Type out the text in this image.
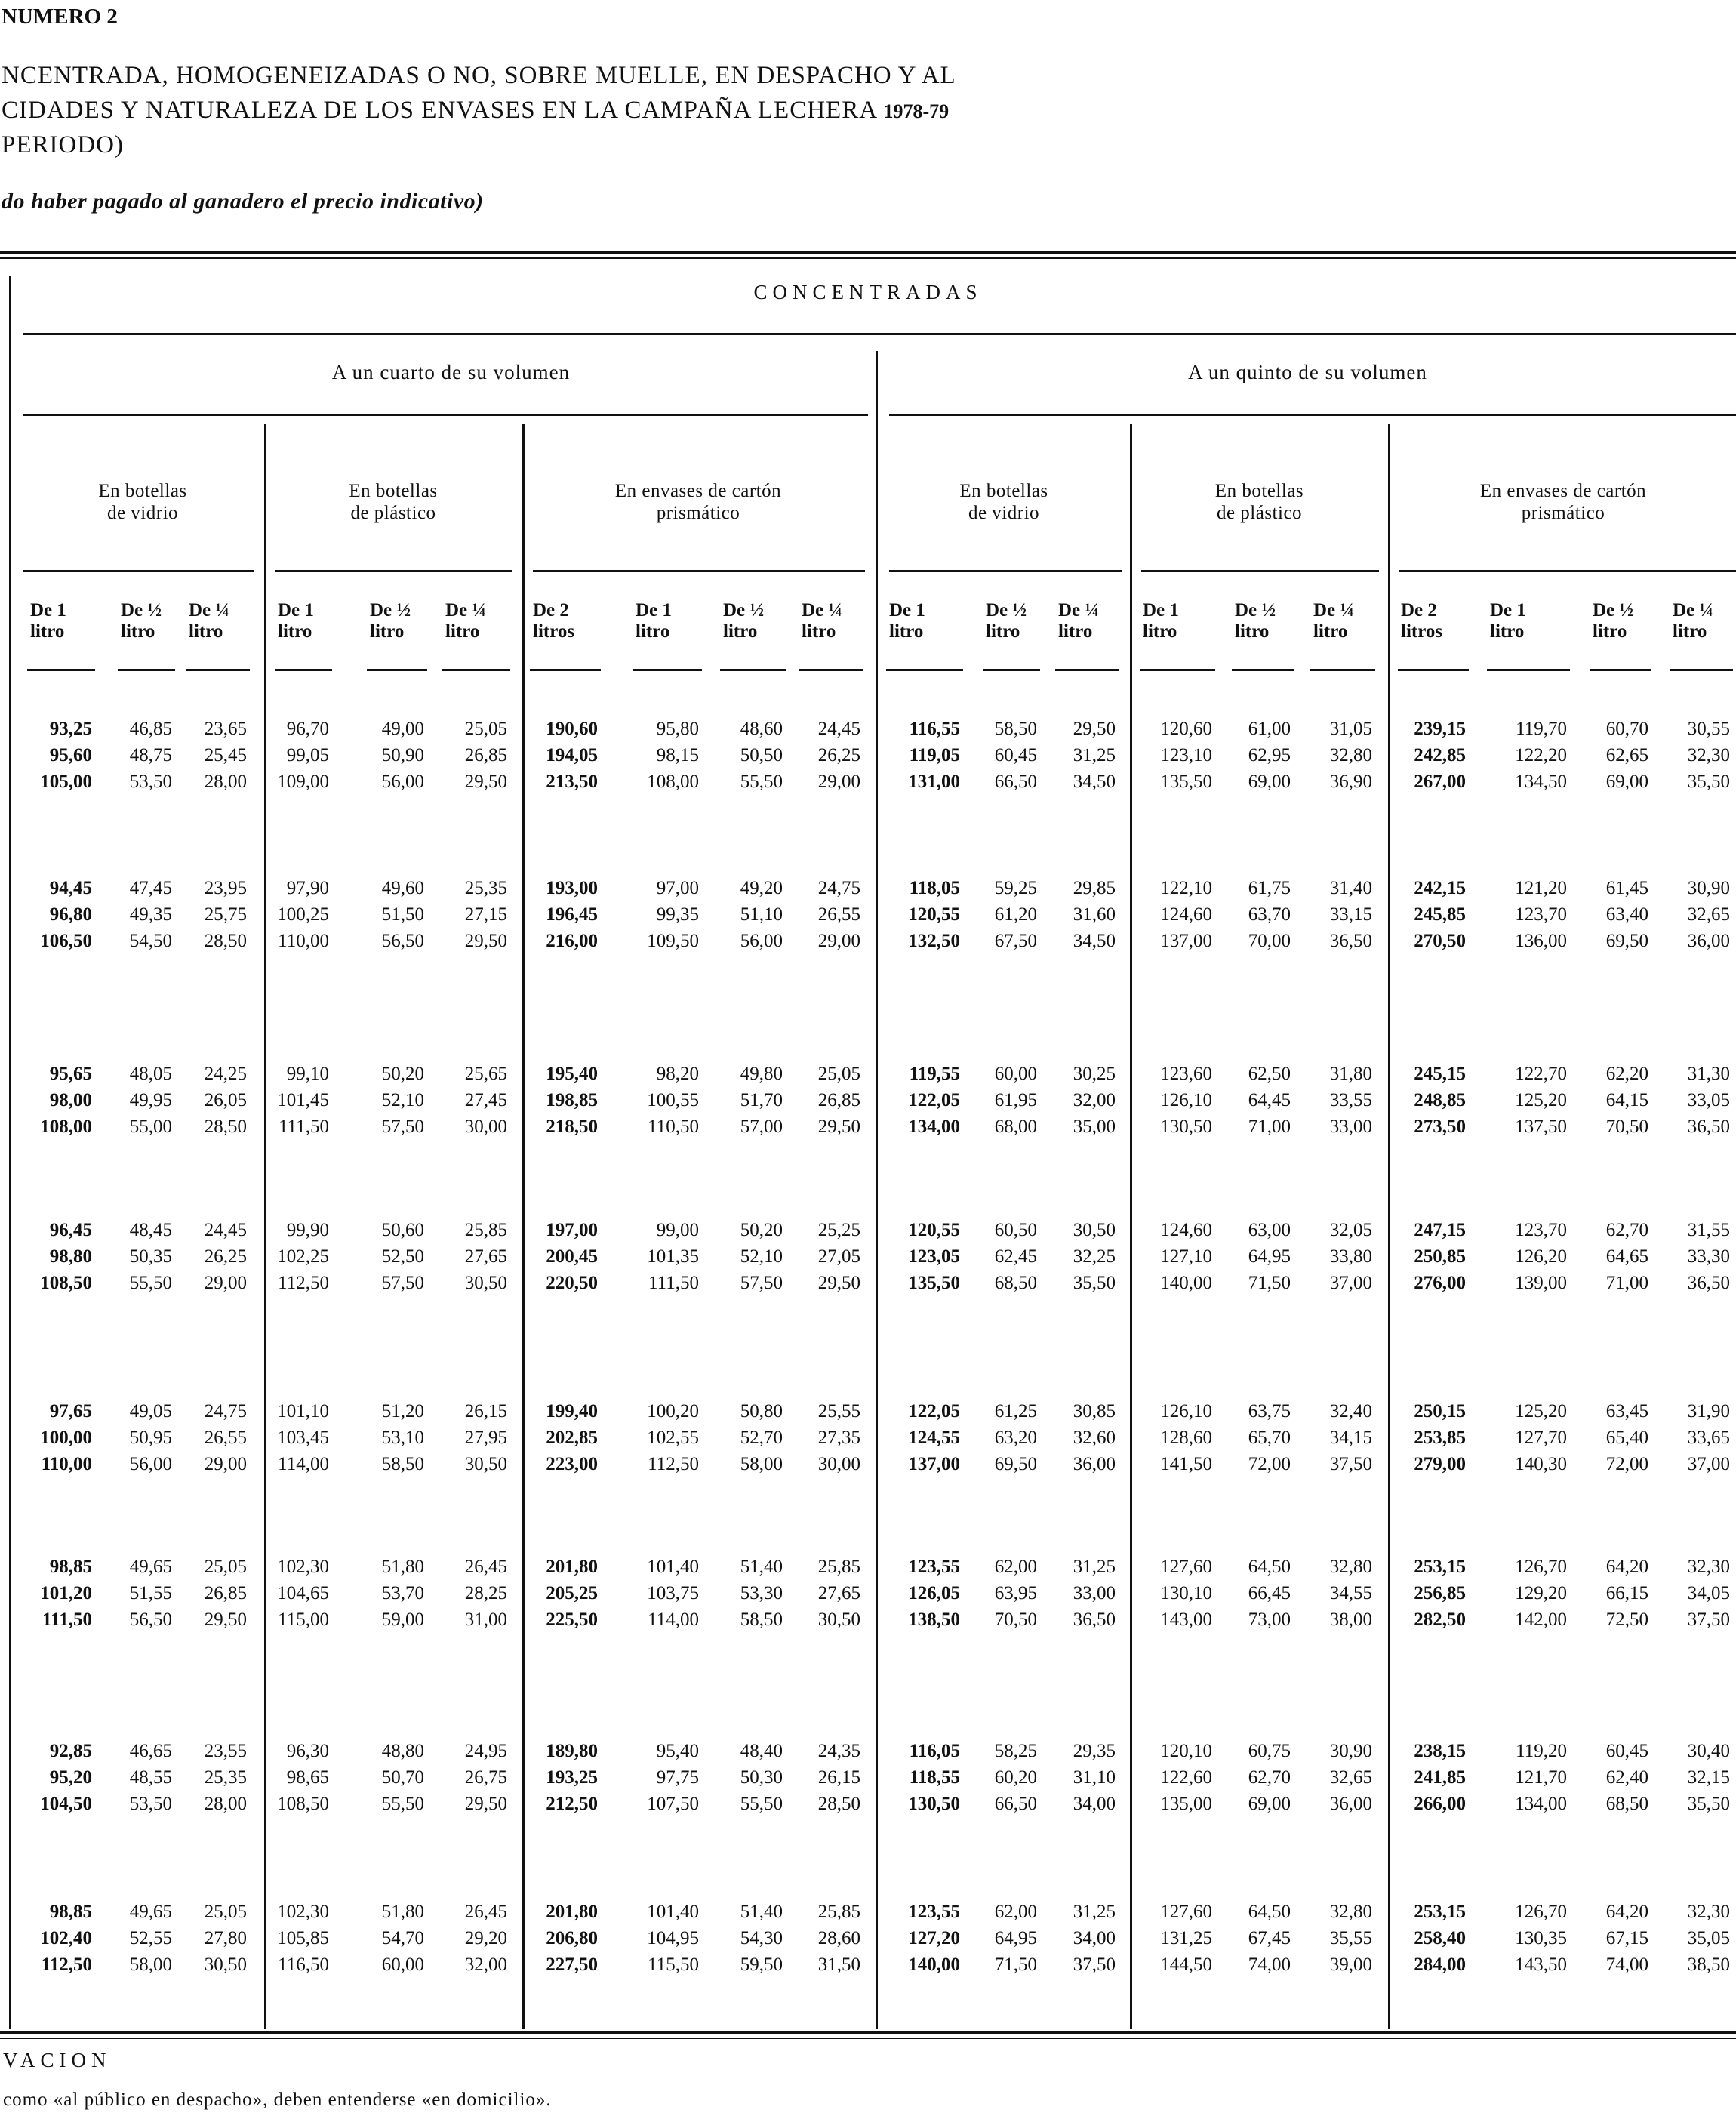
NUMERO 2

NCENTRADA, HOMOGENEIZADAS O NO, SOBRE MUELLE, EN DESPACHO Y AL

CIDADES Y NATURALEZA DE LOS ENVASES EN LA CAMPAÑA LECHERA 1978-79

PERIODO)

do haber pagado al ganadero el precio indicativo)

CONCENTRADAS
A un cuarto de su volumen	A un quinto de su volumen
En botellas
de vidrio
En botellas
de plástico
En envases de cartón
prismático
En botellas
de vidrio
En botellas
de plástico
En envases de cartón
prismático
De 1
litro
De ½
litro
De ¼
litro
De 1
litro
De ½
litro
De ¼
litro
De 2
litros
De 1
litro
De ½
litro
De ¼
litro
De 1
litro
De ½
litro
De ¼
litro
De 1
litro
De ½
litro
De ¼
litro
De 2
litros
De 1
litro
De ½
litro
De ¼
litro
93,25	46,85	23,65	96,70	49,00	25,05	190,60	95,80	48,60	24,45	116,55	58,50	29,50	120,60	61,00	31,05	239,15	119,70	60,70	30,55
95,60	48,75	25,45	99,05	50,90	26,85	194,05	98,15	50,50	26,25	119,05	60,45	31,25	123,10	62,95	32,80	242,85	122,20	62,65	32,30
105,00	53,50	28,00	109,00	56,00	29,50	213,50	108,00	55,50	29,00	131,00	66,50	34,50	135,50	69,00	36,90	267,00	134,50	69,00	35,50
94,45	47,45	23,95	97,90	49,60	25,35	193,00	97,00	49,20	24,75	118,05	59,25	29,85	122,10	61,75	31,40	242,15	121,20	61,45	30,90
96,80	49,35	25,75	100,25	51,50	27,15	196,45	99,35	51,10	26,55	120,55	61,20	31,60	124,60	63,70	33,15	245,85	123,70	63,40	32,65
106,50	54,50	28,50	110,00	56,50	29,50	216,00	109,50	56,00	29,00	132,50	67,50	34,50	137,00	70,00	36,50	270,50	136,00	69,50	36,00
95,65	48,05	24,25	99,10	50,20	25,65	195,40	98,20	49,80	25,05	119,55	60,00	30,25	123,60	62,50	31,80	245,15	122,70	62,20	31,30
98,00	49,95	26,05	101,45	52,10	27,45	198,85	100,55	51,70	26,85	122,05	61,95	32,00	126,10	64,45	33,55	248,85	125,20	64,15	33,05
108,00	55,00	28,50	111,50	57,50	30,00	218,50	110,50	57,00	29,50	134,00	68,00	35,00	130,50	71,00	33,00	273,50	137,50	70,50	36,50
96,45	48,45	24,45	99,90	50,60	25,85	197,00	99,00	50,20	25,25	120,55	60,50	30,50	124,60	63,00	32,05	247,15	123,70	62,70	31,55
98,80	50,35	26,25	102,25	52,50	27,65	200,45	101,35	52,10	27,05	123,05	62,45	32,25	127,10	64,95	33,80	250,85	126,20	64,65	33,30
108,50	55,50	29,00	112,50	57,50	30,50	220,50	111,50	57,50	29,50	135,50	68,50	35,50	140,00	71,50	37,00	276,00	139,00	71,00	36,50
97,65	49,05	24,75	101,10	51,20	26,15	199,40	100,20	50,80	25,55	122,05	61,25	30,85	126,10	63,75	32,40	250,15	125,20	63,45	31,90
100,00	50,95	26,55	103,45	53,10	27,95	202,85	102,55	52,70	27,35	124,55	63,20	32,60	128,60	65,70	34,15	253,85	127,70	65,40	33,65
110,00	56,00	29,00	114,00	58,50	30,50	223,00	112,50	58,00	30,00	137,00	69,50	36,00	141,50	72,00	37,50	279,00	140,30	72,00	37,00
98,85	49,65	25,05	102,30	51,80	26,45	201,80	101,40	51,40	25,85	123,55	62,00	31,25	127,60	64,50	32,80	253,15	126,70	64,20	32,30
101,20	51,55	26,85	104,65	53,70	28,25	205,25	103,75	53,30	27,65	126,05	63,95	33,00	130,10	66,45	34,55	256,85	129,20	66,15	34,05
111,50	56,50	29,50	115,00	59,00	31,00	225,50	114,00	58,50	30,50	138,50	70,50	36,50	143,00	73,00	38,00	282,50	142,00	72,50	37,50
92,85	46,65	23,55	96,30	48,80	24,95	189,80	95,40	48,40	24,35	116,05	58,25	29,35	120,10	60,75	30,90	238,15	119,20	60,45	30,40
95,20	48,55	25,35	98,65	50,70	26,75	193,25	97,75	50,30	26,15	118,55	60,20	31,10	122,60	62,70	32,65	241,85	121,70	62,40	32,15
104,50	53,50	28,00	108,50	55,50	29,50	212,50	107,50	55,50	28,50	130,50	66,50	34,00	135,00	69,00	36,00	266,00	134,00	68,50	35,50
98,85	49,65	25,05	102,30	51,80	26,45	201,80	101,40	51,40	25,85	123,55	62,00	31,25	127,60	64,50	32,80	253,15	126,70	64,20	32,30
102,40	52,55	27,80	105,85	54,70	29,20	206,80	104,95	54,30	28,60	127,20	64,95	34,00	131,25	67,45	35,55	258,40	130,35	67,15	35,05
112,50	58,00	30,50	116,50	60,00	32,00	227,50	115,50	59,50	31,50	140,00	71,50	37,50	144,50	74,00	39,00	284,00	143,50	74,00	38,50

VACION

como «al público en despacho», deben entenderse «en domicilio».
